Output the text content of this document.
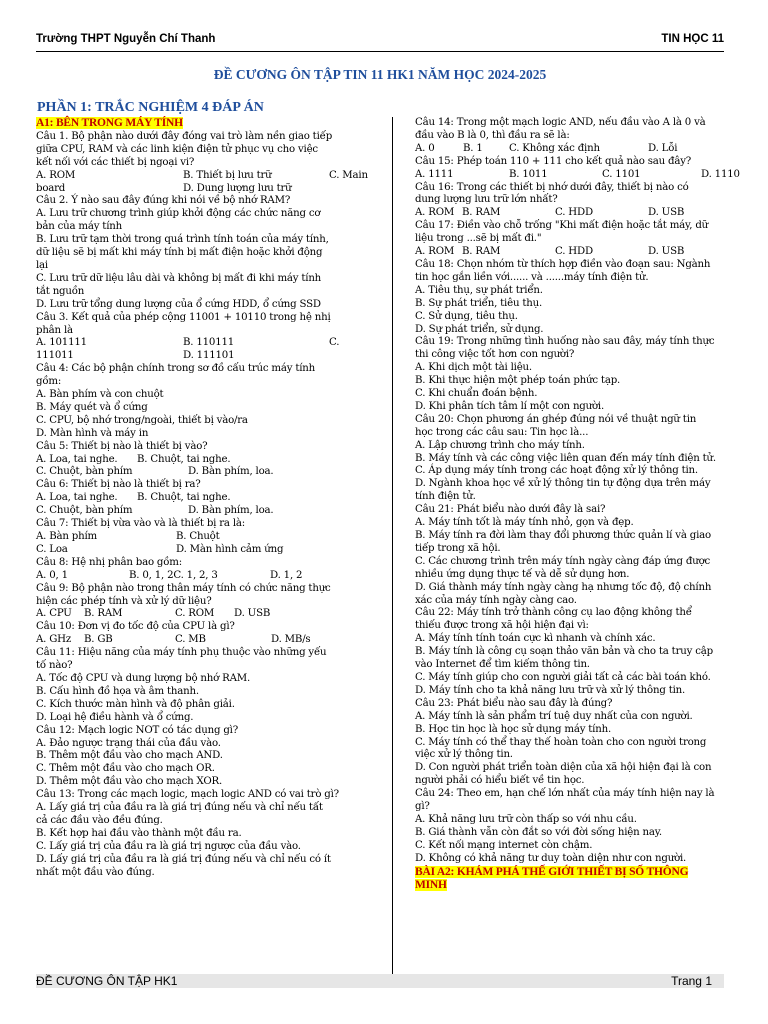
Trường THPT Nguyễn Chí Thanh	TIN HỌC 11
ĐỀ CƯƠNG ÔN TẬP TIN 11 HK1 NĂM HỌC 2024-2025
PHẦN 1: TRẮC NGHIỆM 4 ĐÁP ÁN
A1: BÊN TRONG MÁY TÍNH
Câu 1. Bộ phận nào dưới đây đóng vai trò làm nền giao tiếp
giữa CPU, RAM và các linh kiện điện tử phục vụ cho việc
kết nối với các thiết bị ngoại vi?
A. ROM	B. Thiết bị lưu trữ	C. Main
board	D. Dung lượng lưu trữ
Câu 2. Ý nào sau đây đúng khi nói về bộ nhớ RAM?
A. Lưu trữ chương trình giúp khởi động các chức năng cơ
bản của máy tính
B. Lưu trữ tạm thời trong quá trình tính toán của máy tính,
dữ liệu sẽ bị mất khi máy tính bị mất điện hoặc khởi động
lại
C. Lưu trữ dữ liệu lâu dài và không bị mất đi khi máy tính
tắt nguồn
D. Lưu trữ tổng dung lượng của ổ cứng HDD, ổ cứng SSD
Câu 3. Kết quả của phép cộng 11001 + 10110 trong hệ nhị
phân là
A. 101111	B. 110111	C.
111011	D. 111101
Câu 4: Các bộ phận chính trong sơ đồ cấu trúc máy tính
gồm:
A. Bàn phím và con chuột
B. Máy quét và ổ cứng
C. CPU, bộ nhớ trong/ngoài, thiết bị vào/ra
D. Màn hình và máy in
Câu 5: Thiết bị nào là thiết bị vào?
A. Loa, tai nghe.	B. Chuột, tai nghe.
C. Chuột, bàn phím	D. Bàn phím, loa.
Câu 6: Thiết bị nào là thiết bị ra?
A. Loa, tai nghe.	B. Chuột, tai nghe.
C. Chuột, bàn phím	D. Bàn phím, loa.
Câu 7: Thiết bị vừa vào và là thiết bị ra là:
A. Bàn phím	B. Chuột
C. Loa	D. Màn hình cảm ứng
Câu 8: Hệ nhị phân bao gồm:
A. 0, 1	B. 0, 1, 2C. 1, 2, 3	D. 1, 2
Câu 9: Bộ phận nào trong thân máy tính có chức năng thực
hiện các phép tính và xử lý dữ liệu?
A. CPU	B. RAM	C. ROM	D. USB
Câu 10: Đơn vị đo tốc độ của CPU là gì?
A. GHz	B. GB	C. MB	D. MB/s
Câu 11: Hiệu năng của máy tính phụ thuộc vào những yếu
tố nào?
A. Tốc độ CPU và dung lượng bộ nhớ RAM.
B. Cấu hình đồ họa và âm thanh.
C. Kích thước màn hình và độ phân giải.
D. Loại hệ điều hành và ổ cứng.
Câu 12: Mạch logic NOT có tác dụng gì?
A. Đảo ngược trạng thái của đầu vào.
B. Thêm một đầu vào cho mạch AND.
C. Thêm một đầu vào cho mạch OR.
D. Thêm một đầu vào cho mạch XOR.
Câu 13: Trong các mạch logic, mạch logic AND có vai trò gì?
A. Lấy giá trị của đầu ra là giá trị đúng nếu và chỉ nếu tất
cả các đầu vào đều đúng.
B. Kết hợp hai đầu vào thành một đầu ra.
C. Lấy giá trị của đầu ra là giá trị ngược của đầu vào.
D. Lấy giá trị của đầu ra là giá trị đúng nếu và chỉ nếu có ít
nhất một đầu vào đúng.
Câu 14: Trong một mạch logic AND, nếu đầu vào A là 0 và
đầu vào B là 0, thì đầu ra sẽ là:
A. 0	B. 1	C. Không xác định	D. Lỗi
Câu 15: Phép toán 110 + 111 cho kết quả nào sau đây?
A. 1111	B. 1011	C. 1101	D. 1110
Câu 16: Trong các thiết bị nhớ dưới đây, thiết bị nào có
dung lượng lưu trữ lớn nhất?
A. ROM B. RAM	C. HDD	D. USB
Câu 17: Điền vào chỗ trống "Khi mất điện hoặc tắt máy, dữ
liệu trong ...sẽ bị mất đi."
A. ROM B. RAM	C. HDD	D. USB
Câu 18: Chọn nhóm từ thích hợp điền vào đoạn sau: Ngành
tin học gắn liền với...... và ......máy tính điện tử.
A. Tiêu thụ, sự phát triển.
B. Sự phát triển, tiêu thụ.
C. Sử dụng, tiêu thụ.
D. Sự phát triển, sử dụng.
Câu 19: Trong những tình huống nào sau đây, máy tính thực
thi công việc tốt hơn con người?
A. Khi dịch một tài liệu.
B. Khi thực hiện một phép toán phức tạp.
C. Khi chuẩn đoán bệnh.
D. Khi phân tích tâm lí một con người.
Câu 20: Chọn phương án ghép đúng nói về thuật ngữ tin
học trong các câu sau: Tin học là...
A. Lập chương trình cho máy tính.
B. Máy tính và các công việc liên quan đến máy tính điện tử.
C. Áp dụng máy tính trong các hoạt động xử lý thông tin.
D. Ngành khoa học về xử lý thông tin tự động dựa trên máy
tính điện tử.
Câu 21: Phát biểu nào dưới đây là sai?
A. Máy tính tốt là máy tính nhỏ, gọn và đẹp.
B. Máy tính ra đời làm thay đổi phương thức quản lí và giao
tiếp trong xã hội.
C. Các chương trình trên máy tính ngày càng đáp ứng được
nhiều ứng dụng thực tế và dễ sử dụng hơn.
D. Giá thành máy tính ngày càng hạ nhưng tốc độ, độ chính
xác của máy tính ngày càng cao.
Câu 22: Máy tính trở thành công cụ lao động không thể
thiếu được trong xã hội hiện đại vì:
A. Máy tính tính toán cực kì nhanh và chính xác.
B. Máy tính là công cụ soạn thảo văn bản và cho ta truy cập
vào Internet để tìm kiếm thông tin.
C. Máy tính giúp cho con người giải tất cả các bài toán khó.
D. Máy tính cho ta khả năng lưu trữ và xử lý thông tin.
Câu 23: Phát biểu nào sau đây là đúng?
A. Máy tính là sản phẩm trí tuệ duy nhất của con người.
B. Học tin học là học sử dụng máy tính.
C. Máy tính có thể thay thế hoàn toàn cho con người trong
việc xử lý thông tin.
D. Con người phát triển toàn diện của xã hội hiện đại là con
người phải có hiểu biết về tin học.
Câu 24: Theo em, hạn chế lớn nhất của máy tính hiện nay là
gì?
A. Khả năng lưu trữ còn thấp so với nhu cầu.
B. Giá thành vẫn còn đắt so với đời sống hiện nay.
C. Kết nối mạng internet còn chậm.
D. Không có khả năng tư duy toàn diện như con người.
BÀI A2: KHÁM PHÁ THẾ GIỚI THIẾT BỊ SỐ THÔNG
MINH
ĐỀ CƯƠNG ÔN TẬP HK1	Trang 1
